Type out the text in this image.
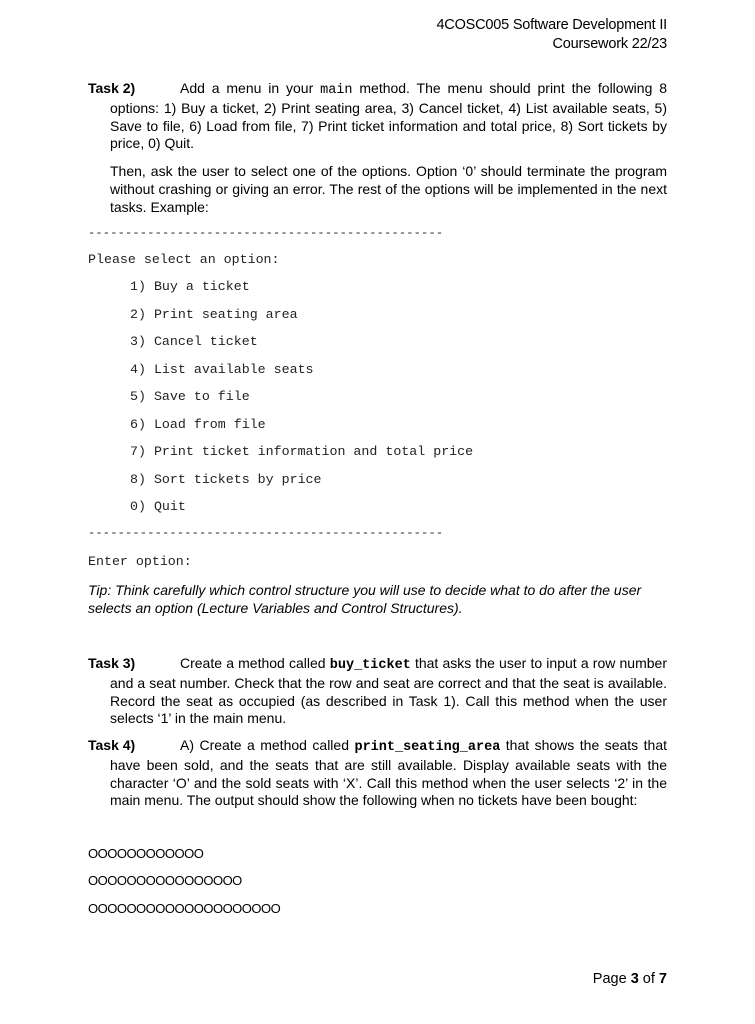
4COSC005 Software Development II
Coursework 22/23

Task 2)	Add a menu in your main method. The menu should print the following 8 options: 1) Buy a ticket, 2) Print seating area, 3) Cancel ticket, 4) List available seats, 5) Save to file, 6) Load from file, 7) Print ticket information and total price, 8) Sort tickets by price, 0) Quit.

Then, ask the user to select one of the options. Option ‘0’ should terminate the program without crashing or giving an error. The rest of the options will be implemented in the next tasks. Example:

------------------------------------------------
Please select an option:
1) Buy a ticket
2) Print seating area
3) Cancel ticket
4) List available seats
5) Save to file
6) Load from file
7) Print ticket information and total price
8) Sort tickets by price
0) Quit
------------------------------------------------
Enter option:
Tip: Think carefully which control structure you will use to decide what to do after the user selects an option (Lecture Variables and Control Structures).

Task 3)	Create a method called buy_ticket that asks the user to input a row number and a seat number. Check that the row and seat are correct and that the seat is available. Record the seat as occupied (as described in Task 1). Call this method when the user selects ‘1’ in the main menu.

Task 4)	A) Create a method called print_seating_area that shows the seats that have been sold, and the seats that are still available. Display available seats with the character ‘O’ and the sold seats with ‘X’. Call this method when the user selects ‘2’ in the main menu. The output should show the following when no tickets have been bought:

OOOOOOOOOOOO
OOOOOOOOOOOOOOOO
OOOOOOOOOOOOOOOOOOOO
Page 3 of 7
